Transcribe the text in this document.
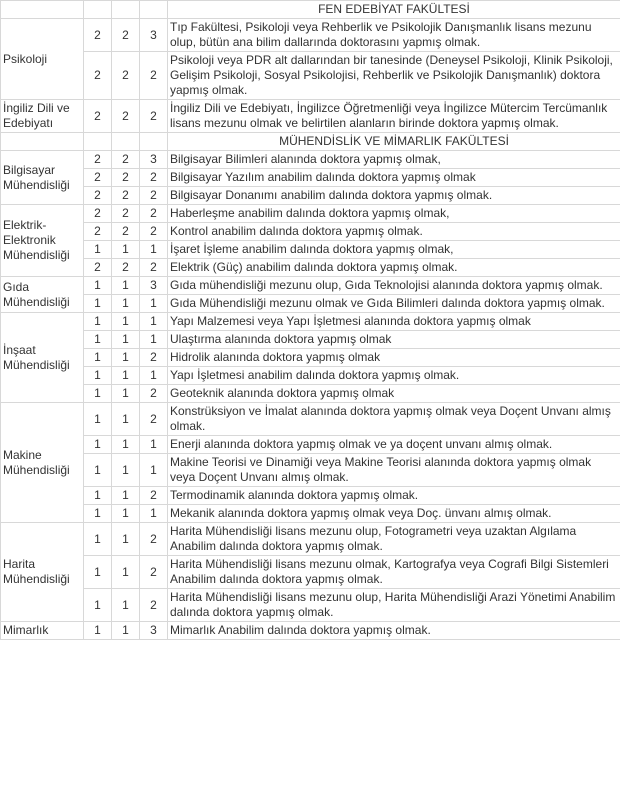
				FEN EDEBİYAT FAKÜLTESİ
Psikoloji	2	2	3	Tıp Fakültesi, Psikoloji veya Rehberlik ve Psikolojik Danışmanlık lisans mezunu olup, bütün ana bilim dallarında doktorasını yapmış olmak.
	2	2	2	Psikoloji veya PDR alt dallarından bir tanesinde (Deneysel Psikoloji, Klinik Psikoloji, Gelişim Psikoloji, Sosyal Psikolojisi, Rehberlik ve Psikolojik Danışmanlık) doktora yapmış olmak.
İngiliz Dili ve Edebiyatı	2	2	2	İngiliz Dili ve Edebiyatı, İngilizce Öğretmenliği veya İngilizce Mütercim Tercümanlık lisans mezunu olmak ve belirtilen alanların birinde doktora yapmış olmak.
				MÜHENDİSLİK VE MİMARLIK FAKÜLTESİ
Bilgisayar Mühendisliği	2	2	3	Bilgisayar Bilimleri alanında doktora yapmış olmak,
	2	2	2	Bilgisayar Yazılım anabilim dalında doktora yapmış olmak
	2	2	2	Bilgisayar Donanımı anabilim dalında doktora yapmış olmak.
Elektrik-Elektronik Mühendisliği	2	2	2	Haberleşme anabilim dalında doktora yapmış olmak,
	2	2	2	Kontrol anabilim dalında doktora yapmış olmak.
	1	1	1	İşaret İşleme anabilim dalında doktora yapmış olmak,
	2	2	2	Elektrik (Güç) anabilim dalında doktora yapmış olmak.
Gıda Mühendisliği	1	1	3	Gıda mühendisliği mezunu olup, Gıda Teknolojisi alanında doktora yapmış olmak.
	1	1	1	Gıda Mühendisliği mezunu olmak ve Gıda Bilimleri dalında doktora yapmış olmak.
İnşaat Mühendisliği	1	1	1	Yapı Malzemesi veya Yapı İşletmesi alanında doktora yapmış olmak
	1	1	1	Ulaştırma alanında doktora yapmış olmak
	1	1	2	Hidrolik alanında doktora yapmış olmak
	1	1	1	Yapı İşletmesi anabilim dalında doktora yapmış olmak.
	1	1	2	Geoteknik alanında doktora yapmış olmak
Makine Mühendisliği	1	1	2	Konstrüksiyon ve İmalat alanında doktora yapmış olmak veya Doçent Unvanı almış
olmak.
	1	1	1	Enerji alanında doktora yapmış olmak ve ya doçent unvanı almış olmak.
	1	1	1	Makine Teorisi ve Dinamiği veya Makine Teorisi alanında doktora yapmış olmak veya Doçent Unvanı almış olmak.
	1	1	2	Termodinamik alanında doktora yapmış olmak.
	1	1	1	Mekanik alanında doktora yapmış olmak veya Doç. ünvanı almış olmak.
Harita Mühendisliği	1	1	2	Harita Mühendisliği lisans mezunu olup, Fotogrametri veya uzaktan Algılama Anabilim dalında doktora yapmış olmak.
	1	1	2	Harita Mühendisliği lisans mezunu olmak, Kartografya veya Cografi Bilgi Sistemleri
Anabilim dalında doktora yapmış olmak.
	1	1	2	Harita Mühendisliği lisans mezunu olup, Harita Mühendisliği Arazi Yönetimi Anabilim dalında doktora yapmış olmak.
Mimarlık	1	1	3	Mimarlık Anabilim dalında doktora yapmış olmak.
